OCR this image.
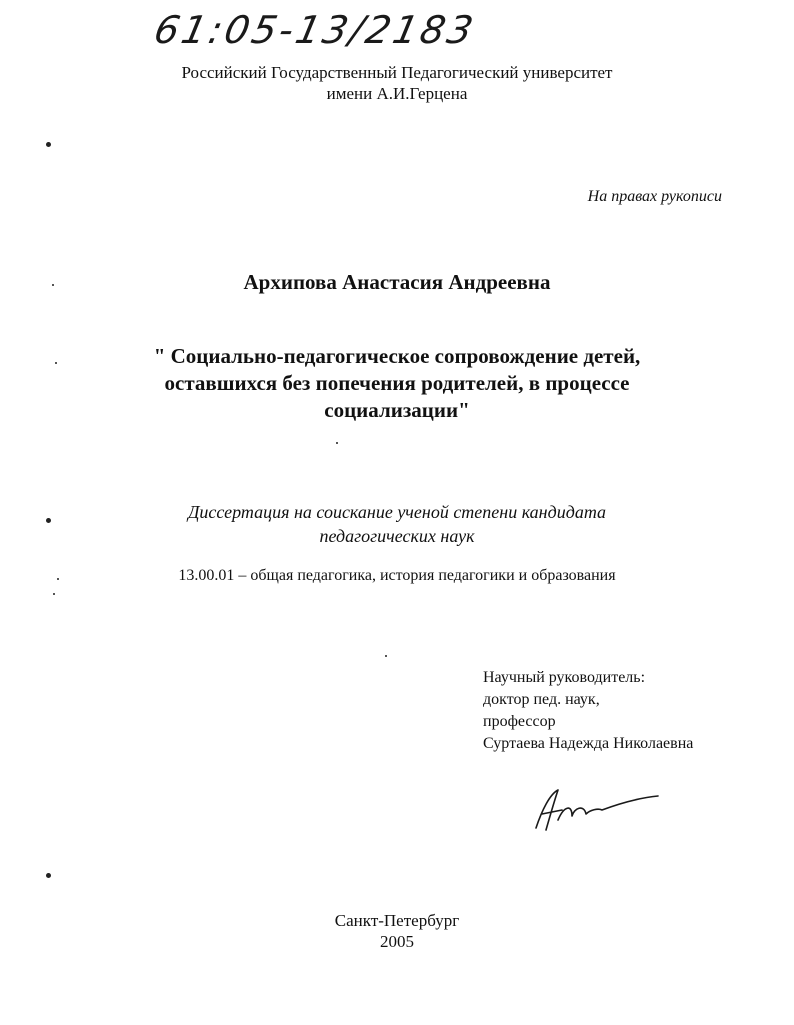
61:05-13/2183
Российский Государственный Педагогический университет
имени А.И.Герцена
На правах рукописи
Архипова Анастасия Андреевна
" Социально-педагогическое сопровождение детей,
оставшихся без попечения родителей, в процессе
социализации"
Диссертация на соискание ученой степени кандидата
педагогических наук
13.00.01 – общая педагогика, история педагогики и образования
Научный руководитель:
доктор пед. наук,
профессор
Суртаева Надежда Николаевна
Санкт-Петербург
2005
